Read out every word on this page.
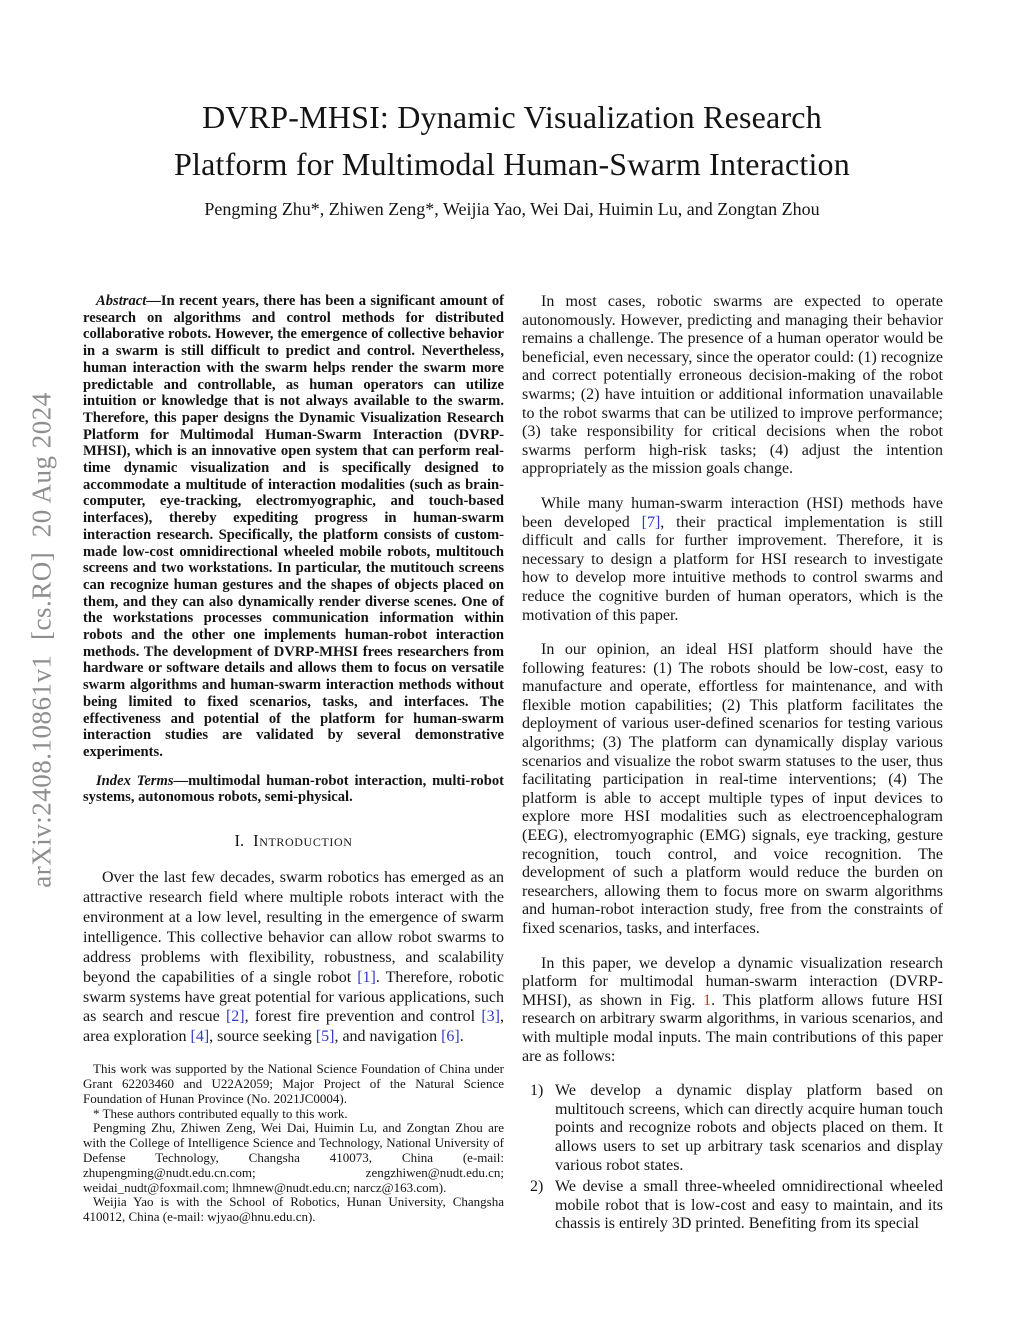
arXiv:2408.10861v1  [cs.RO]  20 Aug 2024
DVRP-MHSI: Dynamic Visualization Research
Platform for Multimodal Human-Swarm Interaction
Pengming Zhu*, Zhiwen Zeng*, Weijia Yao, Wei Dai, Huimin Lu, and Zongtan Zhou

Abstract—In recent years, there has been a significant amount of research on algorithms and control methods for distributed collaborative robots. However, the emergence of collective behavior in a swarm is still difficult to predict and control. Nevertheless, human interaction with the swarm helps render the swarm more predictable and controllable, as human operators can utilize intuition or knowledge that is not always available to the swarm. Therefore, this paper designs the Dynamic Visualization Research Platform for Multimodal Human-Swarm Interaction (DVRP-MHSI), which is an innovative open system that can perform real-time dynamic visualization and is specifically designed to accommodate a multitude of interaction modalities (such as brain-computer, eye-tracking, electromyographic, and touch-based interfaces), thereby expediting progress in human-swarm interaction research. Specifically, the platform consists of custom-made low-cost omnidirectional wheeled mobile robots, multitouch screens and two workstations. In particular, the mutitouch screens can recognize human gestures and the shapes of objects placed on them, and they can also dynamically render diverse scenes. One of the workstations processes communication information within robots and the other one implements human-robot interaction methods. The development of DVRP-MHSI frees researchers from hardware or software details and allows them to focus on versatile swarm algorithms and human-swarm interaction methods without being limited to fixed scenarios, tasks, and interfaces. The effectiveness and potential of the platform for human-swarm interaction studies are validated by several demonstrative experiments.

Index Terms—multimodal human-robot interaction, multi-robot systems, autonomous robots, semi-physical.

I. Introduction

Over the last few decades, swarm robotics has emerged as an attractive research field where multiple robots interact with the environment at a low level, resulting in the emergence of swarm intelligence. This collective behavior can allow robot swarms to address problems with flexibility, robustness, and scalability beyond the capabilities of a single robot [1]. Therefore, robotic swarm systems have great potential for various applications, such as search and rescue [2], forest fire prevention and control [3], area exploration [4], source seeking [5], and navigation [6].

This work was supported by the National Science Foundation of China under Grant 62203460 and U22A2059; Major Project of the Natural Science Foundation of Hunan Province (No. 2021JC0004).

* These authors contributed equally to this work.

Pengming Zhu, Zhiwen Zeng, Wei Dai, Huimin Lu, and Zongtan Zhou are with the College of Intelligence Science and Technology, National University of Defense Technology, Changsha 410073, China (e-mail: zhupengming@nudt.edu.cn.com; zengzhiwen@nudt.edu.cn; weidai_nudt@foxmail.com; lhmnew@nudt.edu.cn; narcz@163.com).

Weijia Yao is with the School of Robotics, Hunan University, Changsha 410012, China (e-mail: wjyao@hnu.edu.cn).

In most cases, robotic swarms are expected to operate autonomously. However, predicting and managing their behavior remains a challenge. The presence of a human operator would be beneficial, even necessary, since the operator could: (1) recognize and correct potentially erroneous decision-making of the robot swarms; (2) have intuition or additional information unavailable to the robot swarms that can be utilized to improve performance; (3) take responsibility for critical decisions when the robot swarms perform high-risk tasks; (4) adjust the intention appropriately as the mission goals change.

While many human-swarm interaction (HSI) methods have been developed [7], their practical implementation is still difficult and calls for further improvement. Therefore, it is necessary to design a platform for HSI research to investigate how to develop more intuitive methods to control swarms and reduce the cognitive burden of human operators, which is the motivation of this paper.

In our opinion, an ideal HSI platform should have the following features: (1) The robots should be low-cost, easy to manufacture and operate, effortless for maintenance, and with flexible motion capabilities; (2) This platform facilitates the deployment of various user-defined scenarios for testing various algorithms; (3) The platform can dynamically display various scenarios and visualize the robot swarm statuses to the user, thus facilitating participation in real-time interventions; (4) The platform is able to accept multiple types of input devices to explore more HSI modalities such as electroencephalogram (EEG), electromyographic (EMG) signals, eye tracking, gesture recognition, touch control, and voice recognition. The development of such a platform would reduce the burden on researchers, allowing them to focus more on swarm algorithms and human-robot interaction study, free from the constraints of fixed scenarios, tasks, and interfaces.

In this paper, we develop a dynamic visualization research platform for multimodal human-swarm interaction (DVRP-MHSI), as shown in Fig. 1. This platform allows future HSI research on arbitrary swarm algorithms, in various scenarios, and with multiple modal inputs. The main contributions of this paper are as follows:

1) We develop a dynamic display platform based on multitouch screens, which can directly acquire human touch points and recognize robots and objects placed on them. It allows users to set up arbitrary task scenarios and display various robot states.
2) We devise a small three-wheeled omnidirectional wheeled mobile robot that is low-cost and easy to maintain, and its chassis is entirely 3D printed. Benefiting from its special
